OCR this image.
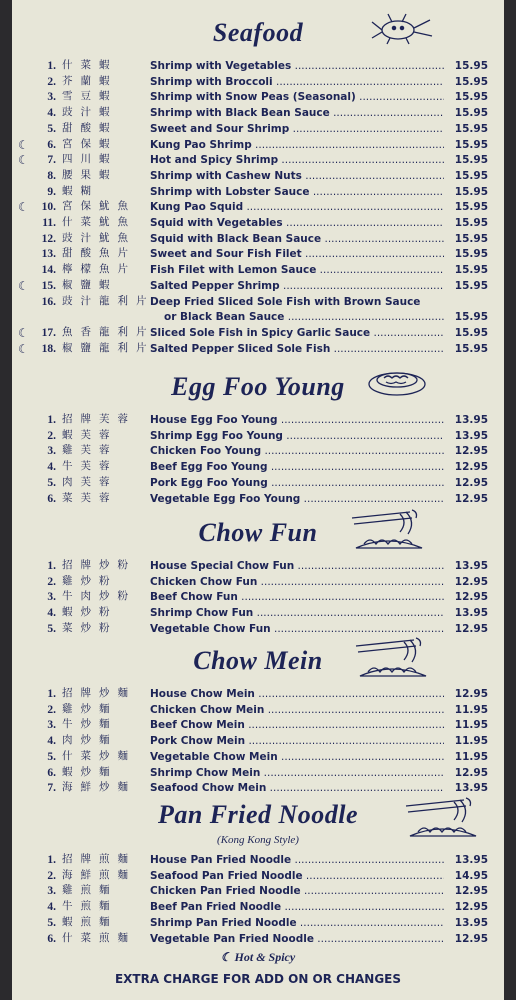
☾ Hot & Spicy
EXTRA CHARGE FOR ADD ON OR CHANGES
Seafood
1. 什菜蝦	Shrimp with Vegetables .....	15.95
2. 芥蘭蝦	Shrimp with Broccoli .....	15.95
3. 雪豆蝦	Shrimp with Snow Peas (Seasonal) .....	15.95
4. 豉汁蝦	Shrimp with Black Bean Sauce .....	15.95
5. 甜酸蝦	Sweet and Sour Shrimp .....	15.95
☾	6. 宮保蝦	Kung Pao Shrimp .....	15.95
☾	7. 四川蝦	Hot and Spicy Shrimp .....	15.95
8. 腰果蝦	Shrimp with Cashew Nuts .....	15.95
9. 蝦糊	Shrimp with Lobster Sauce .....	15.95
☾	10. 宮保魷魚	Kung Pao Squid .....	15.95
11. 什菜魷魚	Squid with Vegetables .....	15.95
12. 豉汁魷魚	Squid with Black Bean Sauce .....	15.95
13. 甜酸魚片	Sweet and Sour Fish Filet .....	15.95
14. 檸檬魚片	Fish Filet with Lemon Sauce .....	15.95
☾	15. 椒鹽蝦	Salted Pepper Shrimp .....	15.95
16. 豉汁龍利片
Deep Fried Sliced Sole Fish with Brown Sauce
or Black Bean Sauce .....	15.95
☾	17. 魚香龍利片
Sliced Sole Fish in Spicy Garlic Sauce .....	15.95
☾	18. 椒鹽龍利片
Salted Pepper Sliced Sole Fish .....	15.95
Egg Foo Young
1. 招牌芙蓉	House Egg Foo Young .....	13.95
2. 蝦芙蓉	Shrimp Egg Foo Young .....	13.95
3. 雞芙蓉	Chicken Foo Young .....	12.95
4. 牛芙蓉	Beef Egg Foo Young .....	12.95
5. 肉芙蓉	Pork Egg Foo Young .....	12.95
6. 菜芙蓉	Vegetable Egg Foo Young .....	12.95
Chow Fun
1. 招牌炒粉	House Special Chow Fun .....	13.95
2. 雞炒粉	Chicken Chow Fun .....	12.95
3. 牛肉炒粉	Beef Chow Fun .....	12.95
4. 蝦炒粉	Shrimp Chow Fun .....	13.95
5. 菜炒粉	Vegetable Chow Fun .....	12.95
Chow Mein
1. 招牌炒麵	House Chow Mein .....	12.95
2. 雞炒麵	Chicken Chow Mein .....	11.95
3. 牛炒麵	Beef Chow Mein .....	11.95
4. 肉炒麵	Pork Chow Mein .....	11.95
5. 什菜炒麵	Vegetable Chow Mein .....	11.95
6. 蝦炒麵	Shrimp Chow Mein .....	12.95
7. 海鮮炒麵	Seafood Chow Mein .....	13.95
Pan Fried Noodle
(Kong Kong Style)
1. 招牌煎麵	House Pan Fried Noodle .....	13.95
2. 海鮮煎麵	Seafood Pan Fried Noodle .....	14.95
3. 雞煎麵	Chicken Pan Fried Noodle .....	12.95
4. 牛煎麵	Beef Pan Fried Noodle .....	12.95
5. 蝦煎麵	Shrimp Pan Fried Noodle .....	13.95
6. 什菜煎麵	Vegetable Pan Fried Noodle .....	12.95
